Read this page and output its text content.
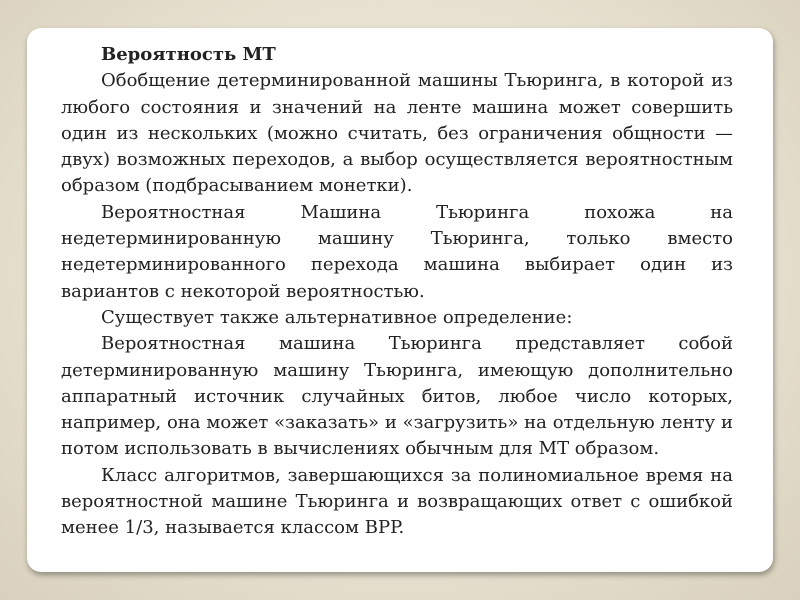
Вероятность МТ

Обобщение детерминированной машины Тьюринга, в которой из любого состояния и значений на ленте машина может совершить один из нескольких (можно считать, без ограничения общности — двух) возможных переходов, а выбор осуществляется вероятностным образом (подбрасыванием монетки).

Вероятностная Машина Тьюринга похожа на недетерминированную машину Тьюринга, только вместо недетерминированного перехода машина выбирает один из вариантов с некоторой вероятностью.

Существует также альтернативное определение:

Вероятностная машина Тьюринга представляет собой детерминированную машину Тьюринга, имеющую дополнительно аппаратный источник случайных битов, любое число которых, например, она может «заказать» и «загрузить» на отдельную ленту и потом использовать в вычислениях обычным для МТ образом.

Класс алгоритмов, завершающихся за полиномиальное время на вероятностной машине Тьюринга и возвращающих ответ с ошибкой менее 1/3, называется классом BPP.
